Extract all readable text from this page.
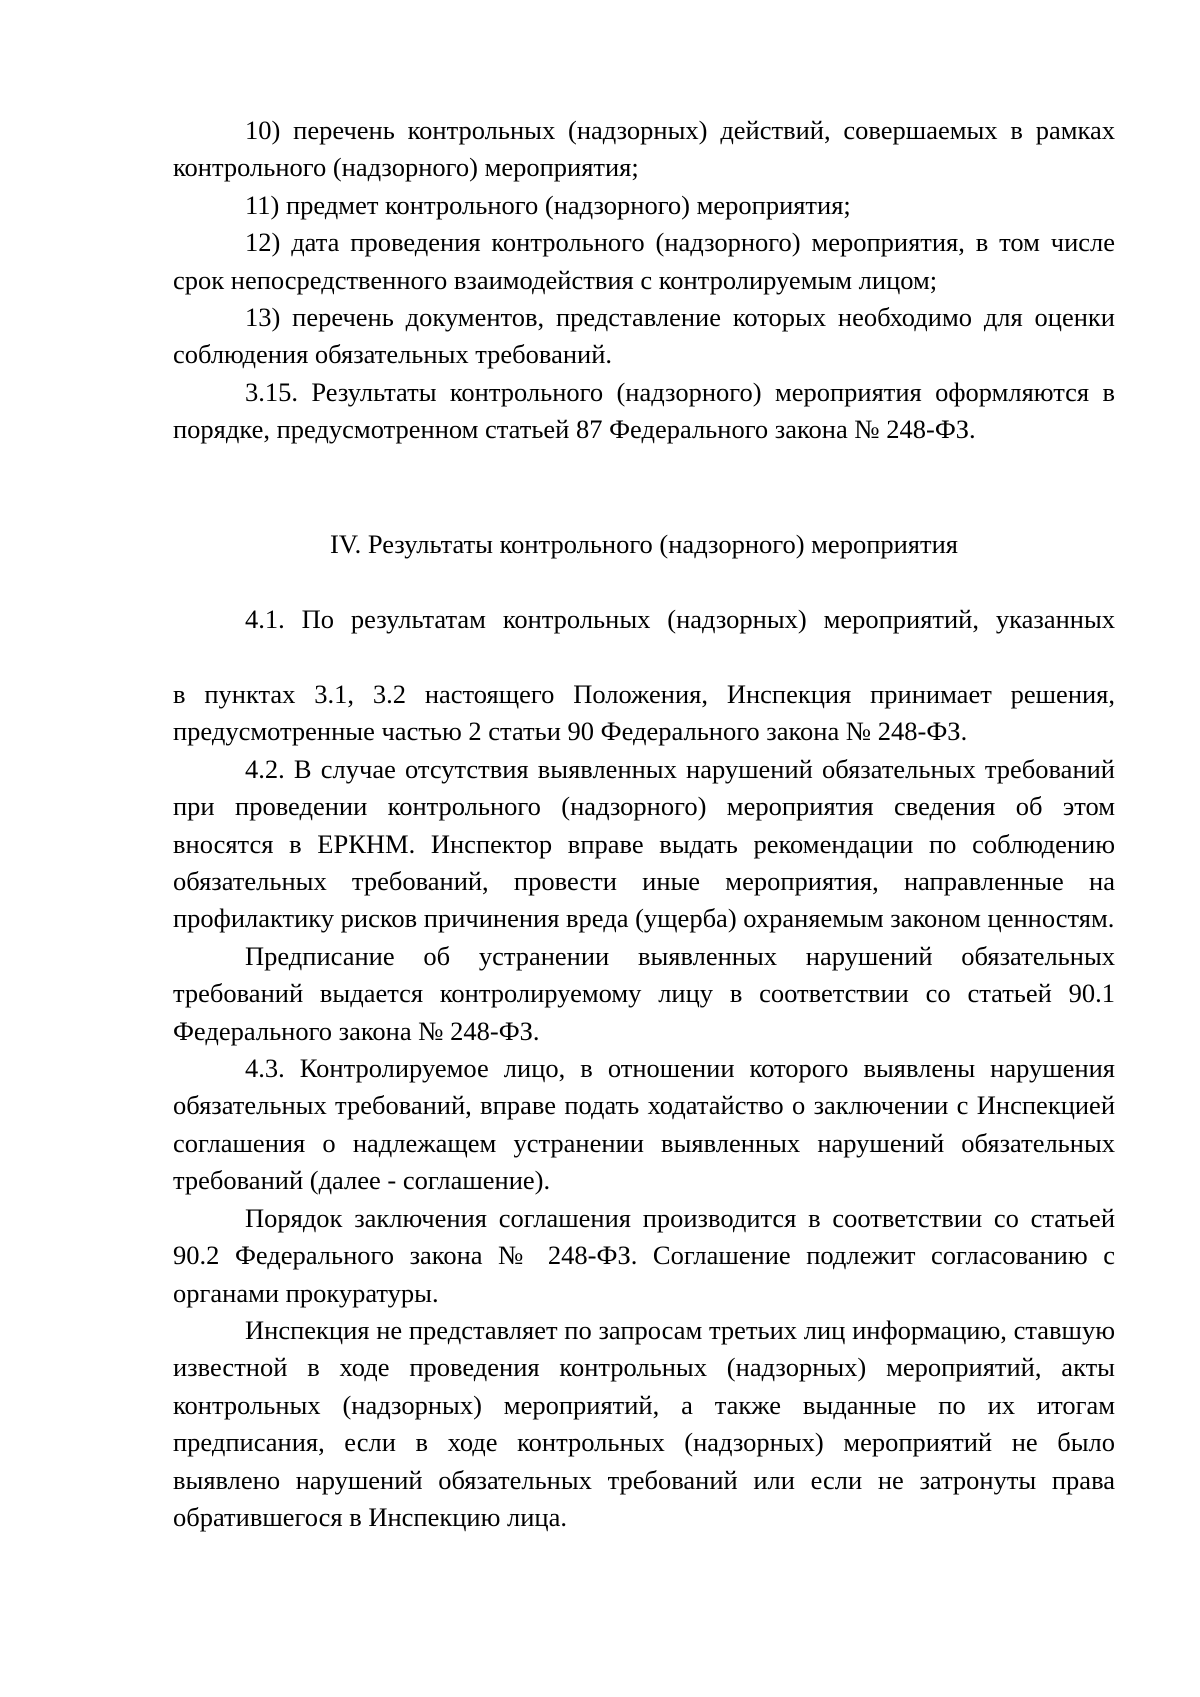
10) перечень контрольных (надзорных) действий, совершаемых в рамках контрольного (надзорного) мероприятия;

11) предмет контрольного (надзорного) мероприятия;

12) дата проведения контрольного (надзорного) мероприятия, в том числе срок непосредственного взаимодействия с контролируемым лицом;

13) перечень документов, представление которых необходимо для оценки соблюдения обязательных требований.

3.15. Результаты контрольного (надзорного) мероприятия оформляются в порядке, предусмотренном статьей 87 Федерального закона № 248-ФЗ.

IV. Результаты контрольного (надзорного) мероприятия

4.1. По результатам контрольных (надзорных) мероприятий, указанных

в пунктах 3.1, 3.2 настоящего Положения, Инспекция принимает решения, предусмотренные частью 2 статьи 90 Федерального закона № 248-ФЗ.

4.2. В случае отсутствия выявленных нарушений обязательных требований при проведении контрольного (надзорного) мероприятия сведения об этом вносятся в ЕРКНМ. Инспектор вправе выдать рекомендации по соблюдению обязательных требований, провести иные мероприятия, направленные на профилактику рисков причинения вреда (ущерба) охраняемым законом ценностям.

Предписание об устранении выявленных нарушений обязательных требований выдается контролируемому лицу в соответствии со статьей 90.1 Федерального закона № 248-ФЗ.

4.3. Контролируемое лицо, в отношении которого выявлены нарушения обязательных требований, вправе подать ходатайство о заключении с Инспекцией соглашения о надлежащем устранении выявленных нарушений обязательных требований (далее - соглашение).

Порядок заключения соглашения производится в соответствии со статьей 90.2 Федерального закона № 248-ФЗ. Соглашение подлежит согласованию с органами прокуратуры.

Инспекция не представляет по запросам третьих лиц информацию, ставшую известной в ходе проведения контрольных (надзорных) мероприятий, акты контрольных (надзорных) мероприятий, а также выданные по их итогам предписания, если в ходе контрольных (надзорных) мероприятий не было выявлено нарушений обязательных требований или если не затронуты права обратившегося в Инспекцию лица.
